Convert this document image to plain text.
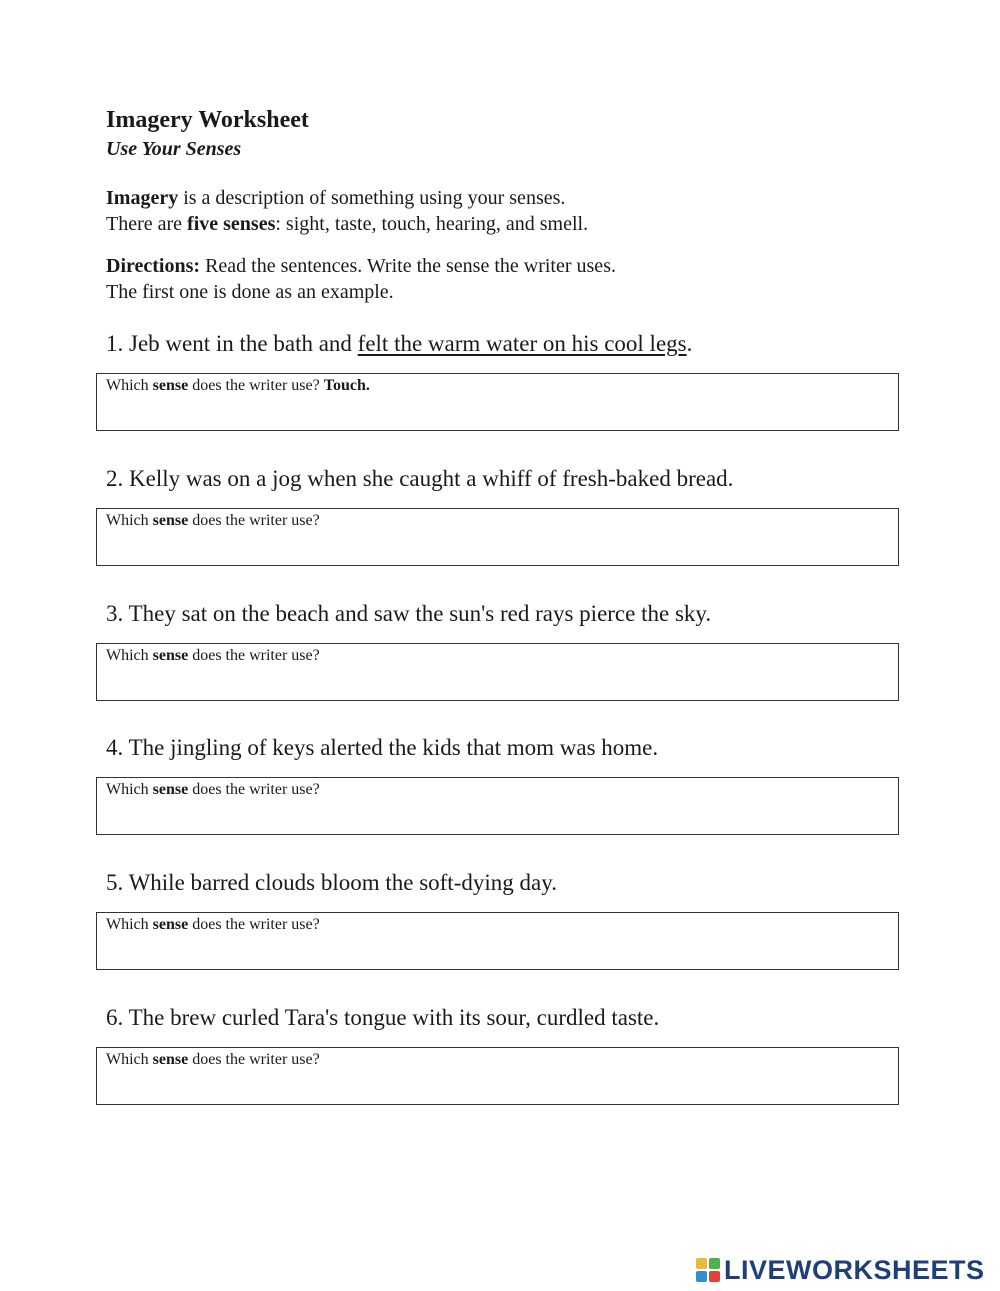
Imagery Worksheet
Use Your Senses

Imagery is a description of something using your senses.

There are five senses: sight, taste, touch, hearing, and smell.

Directions: Read the sentences. Write the sense the writer uses.

The first one is done as an example.

1. Jeb went in the bath and felt the warm water on his cool legs.

Which sense does the writer use? Touch.

2. Kelly was on a jog when she caught a whiff of fresh-baked bread.

Which sense does the writer use?

3. They sat on the beach and saw the sun's red rays pierce the sky.

Which sense does the writer use?

4. The jingling of keys alerted the kids that mom was home.

Which sense does the writer use?

5. While barred clouds bloom the soft-dying day.

Which sense does the writer use?

6. The brew curled Tara's tongue with its sour, curdled taste.

Which sense does the writer use?
LIVEWORKSHEETS
